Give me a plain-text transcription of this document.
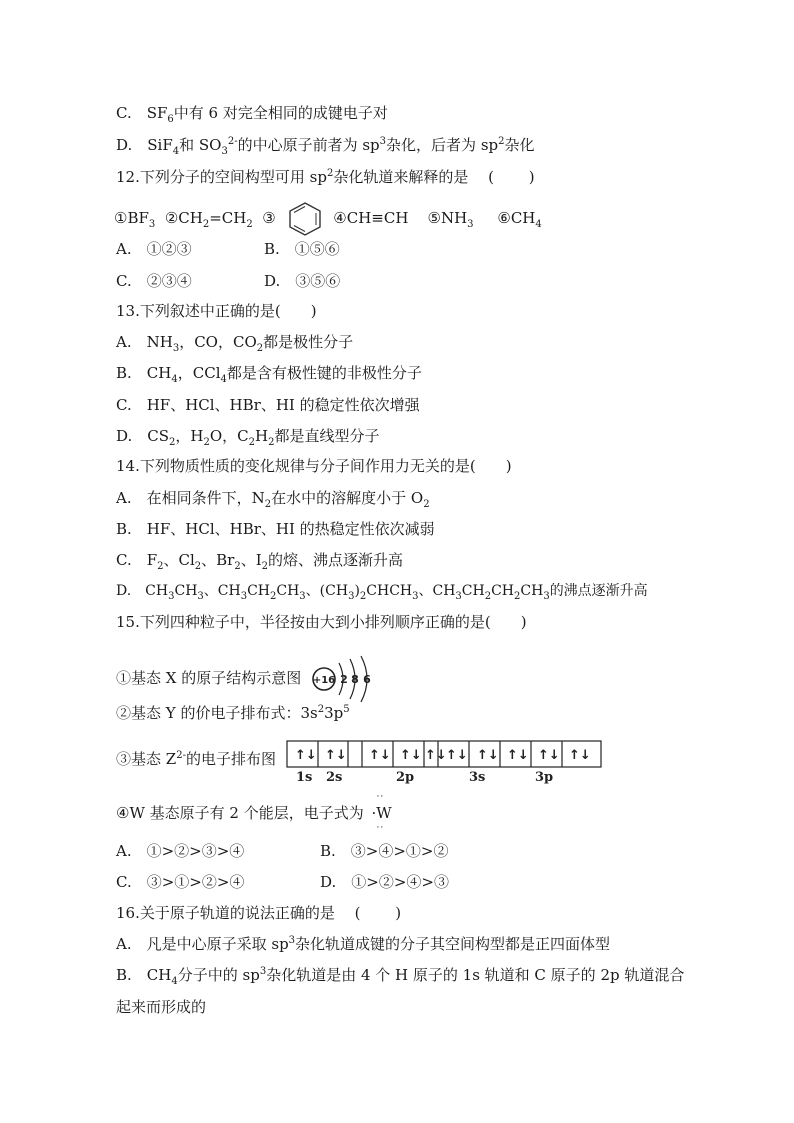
C.　$SF_6$中有 6 对完全相同的成键电子对
D.　SiF$_4$和 $SO_3^{2-}$的中心原子前者为 $sp^3$杂化，后者为 $sp^2$杂化
12.下列分子的空间构型可用 $sp^2$杂化轨道来解释的是 　(　　 )
$①BF_3$ $②CH_2=CH_2$ ③	④CH≡CH $⑤NH_3$ $⑥CH_4$
A.　①②③	B.　①⑤⑥
C.　②③④	D.　③⑤⑥
13.下列叙述中正确的是(　　)
A.　$NH_3$，CO，$CO_2$都是极性分子
B.　$CH_4$，CCl$_4$都是含有极性键的非极性分子
C.　HF、HCl、HBr、HI 的稳定性依次增强
D.　$CS_2$，$H_2O$，$C_2H_2$都是直线型分子
14.下列物质性质的变化规律与分子间作用力无关的是(　　)
A.　在相同条件下，$N_2$在水中的溶解度小于 $O_2$
B.　HF、HCl、HBr、HI 的热稳定性依次减弱
C.　$F_2$、$Cl_2$、$Br_2$、$I_2$的熔、沸点逐渐升高
D.　$CH_3CH_3$、$CH_3CH_2CH_3$、$(CH_3)_2CHCH_3$、$CH_3CH_2CH_2CH_3$的沸点逐渐升高
15.下列四种粒子中，半径按由大到小排列顺序正确的是(　　)
①基态 X 的原子结构示意图 +16 2 8 6
②基态 Y 的价电子排布式：$3s^23p^5$
③基态 $Z^{2-}$的电子排布图 ↑↓ ↑↓ ↑↓ ↑↓ ↑↓ ↑↓ ↑↓ ↑↓ ↑↓ ↑↓
1s 2s	2p	3s	3p
④W 基态原子有 2 个能层，电子式为
··
·W
··
A.　①>②>③>④	B.　③>④>①>②
C.　③>①>②>④	D.　①>②>④>③
16.关于原子轨道的说法正确的是 　(　　 )
A.　凡是中心原子采取 $sp^3$杂化轨道成键的分子其空间构型都是正四面体型
B.　$CH_4$分子中的 $sp^3$杂化轨道是由 4 个 H 原子的 1s 轨道和 C 原子的 2p 轨道混合
起来而形成的
